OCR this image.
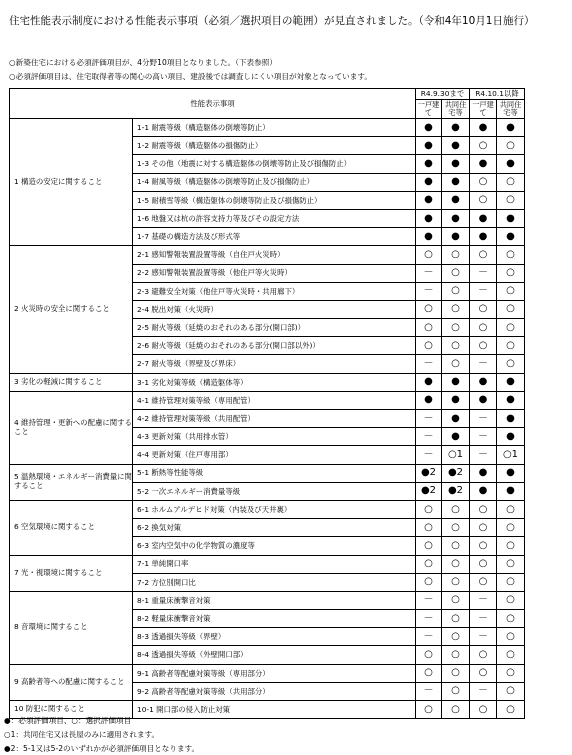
住宅性能表示制度における性能表示事項（必須／選択項目の範囲）が見直されました。（令和4年10月1日施行）
○新築住宅における必須評価項目が、4分野10項目となりました。（下表参照）
○必須評価項目は、住宅取得者等の関心の高い項目、建設後では調査しにくい項目が対象となっています。
性能表示事項		R4.9.30まで		R4.10.1以降	
		一戸建て	共同住宅等	一戸建て	共同住宅等
1 構造の安定に関すること	1-1 耐震等級（構造躯体の倒壊等防止）	●	●	●	●
	1-2 耐震等級（構造躯体の損傷防止）	●	●	○	○
	1-3 その他（地震に対する構造躯体の倒壊等防止及び損傷防止）	●	●	●	●
	1-4 耐風等級（構造躯体の倒壊等防止及び損傷防止）	●	●	○	○
	1-5 耐積雪等級（構造躯体の倒壊等防止及び損傷防止）	●	●	○	○
	1-6 地盤又は杭の許容支持力等及びその設定方法	●	●	●	●
	1-7 基礎の構造方法及び形式等	●	●	●	●
2 火災時の安全に関すること	2-1 感知警報装置設置等級（自住戸火災時）	○	○	○	○
	2-2 感知警報装置設置等級（他住戸等火災時）	－	○	－	○
	2-3 避難安全対策（他住戸等火災時・共用廊下）	－	○	－	○
	2-4 脱出対策（火災時）	○	○	○	○
	2-5 耐火等級（延焼のおそれのある部分(開口部)）	○	○	○	○
	2-6 耐火等級（延焼のおそれのある部分(開口部以外)）	○	○	○	○
	2-7 耐火等級（界壁及び界床）	－	○	－	○
3 劣化の軽減に関すること	3-1 劣化対策等級（構造躯体等）	●	●	●	●
4 維持管理・更新への配慮に関すること	4-1 維持管理対策等級（専用配管）	●	●	●	●
	4-2 維持管理対策等級（共用配管）	－	●	－	●
	4-3 更新対策（共用排水管）	－	●	－	●
	4-4 更新対策（住戸専用部）	－	○1	－	○1
5 温熱環境・エネルギー消費量に関すること	5-1 断熱等性能等級	●2	●2	●	●
	5-2 一次エネルギー消費量等級	●2	●2	●	●
6 空気環境に関すること	6-1 ホルムアルデヒド対策（内装及び天井裏）	○	○	○	○
	6-2 換気対策	○	○	○	○
	6-3 室内空気中の化学物質の濃度等	○	○	○	○
7 光・視環境に関すること	7-1 単純開口率	○	○	○	○
	7-2 方位別開口比	○	○	○	○
8 音環境に関すること	8-1 重量床衝撃音対策	－	○	－	○
	8-2 軽量床衝撃音対策	－	○	－	○
	8-3 透過損失等級（界壁）	－	○	－	○
	8-4 透過損失等級（外壁開口部）	○	○	○	○
9 高齢者等への配慮に関すること	9-1 高齢者等配慮対策等級（専用部分）	○	○	○	○
	9-2 高齢者等配慮対策等級（共用部分）	－	○	－	○
10 防犯に関すること	10-1 開口部の侵入防止対策	○	○	○	○
●：必須評価項目、○：選択評価項目
○1：共同住宅又は長屋のみに適用されます。
●2：5-1又は5-2のいずれかが必須評価項目となります。
